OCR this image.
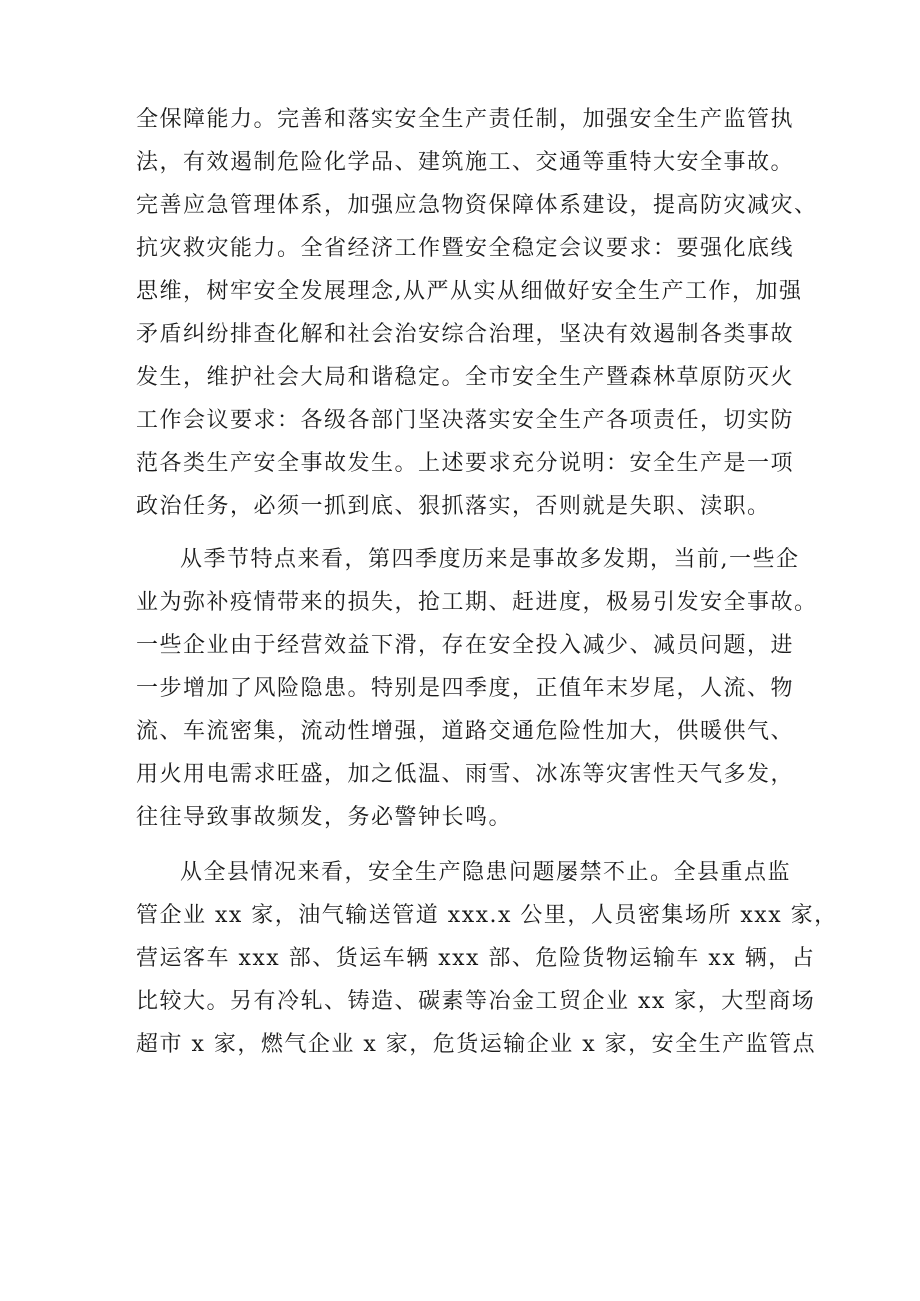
全保障能力。完善和落实安全生产责任制，加强安全生产监管执
法，有效遏制危险化学品、建筑施工、交通等重特大安全事故。
完善应急管理体系，加强应急物资保障体系建设，提高防灾减灾、
抗灾救灾能力。全省经济工作暨安全稳定会议要求：要强化底线
思维，树牢安全发展理念,从严从实从细做好安全生产工作，加强
矛盾纠纷排查化解和社会治安综合治理，坚决有效遏制各类事故
发生，维护社会大局和谐稳定。全市安全生产暨森林草原防灭火
工作会议要求：各级各部门坚决落实安全生产各项责任，切实防
范各类生产安全事故发生。上述要求充分说明：安全生产是一项
政治任务，必须一抓到底、狠抓落实，否则就是失职、渎职。
从季节特点来看，第四季度历来是事故多发期，当前,一些企
业为弥补疫情带来的损失，抢工期、赶进度，极易引发安全事故。
一些企业由于经营效益下滑，存在安全投入减少、减员问题，进
一步增加了风险隐患。特别是四季度，正值年末岁尾，人流、物
流、车流密集，流动性增强，道路交通危险性加大，供暖供气、
用火用电需求旺盛，加之低温、雨雪、冰冻等灾害性天气多发，
往往导致事故频发，务必警钟长鸣。
从全县情况来看，安全生产隐患问题屡禁不止。全县重点监
管企业 xx 家，油气输送管道 xxx.x 公里，人员密集场所 xxx 家，
营运客车 xxx 部、货运车辆 xxx 部、危险货物运输车 xx 辆，占
比较大。另有冷轧、铸造、碳素等冶金工贸企业 xx 家，大型商场
超市 x 家，燃气企业 x 家，危货运输企业 x 家，安全生产监管点
